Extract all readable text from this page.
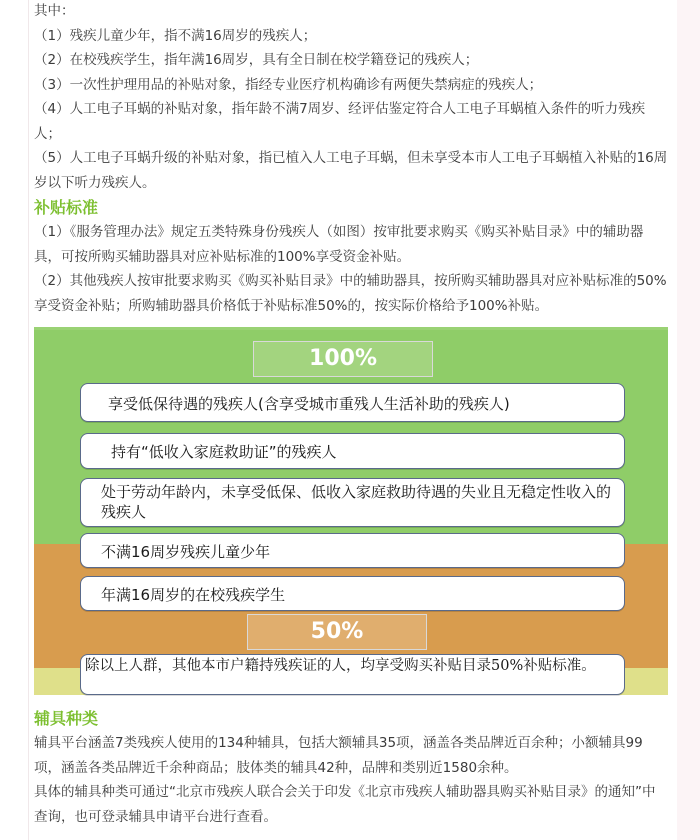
其中：

（1）残疾儿童少年，指不满16周岁的残疾人；

（2）在校残疾学生，指年满16周岁，具有全日制在校学籍登记的残疾人；

（3）一次性护理用品的补贴对象，指经专业医疗机构确诊有两便失禁病症的残疾人；

（4）人工电子耳蜗的补贴对象，指年龄不满7周岁、经评估鉴定符合人工电子耳蜗植入条件的听力残疾人；

（5）人工电子耳蜗升级的补贴对象，指已植入人工电子耳蜗，但未享受本市人工电子耳蜗植入补贴的16周岁以下听力残疾人。

补贴标准

（1）《服务管理办法》规定五类特殊身份残疾人（如图）按审批要求购买《购买补贴目录》中的辅助器具，可按所购买辅助器具对应补贴标准的100%享受资金补贴。

（2）其他残疾人按审批要求购买《购买补贴目录》中的辅助器具，按所购买辅助器具对应补贴标准的50%享受资金补贴；所购辅助器具价格低于补贴标准50%的，按实际价格给予100%补贴。

100%
享受低保待遇的残疾人(含享受城市重残人生活补助的残疾人)
持有“低收入家庭救助证”的残疾人
处于劳动年龄内，未享受低保、低收入家庭救助待遇的失业且无稳定性收入的残疾人
不满16周岁残疾儿童少年
年满16周岁的在校残疾学生
50%
除以上人群，其他本市户籍持残疾证的人，均享受购买补贴目录50%补贴标准。
辅具种类

辅具平台涵盖7类残疾人使用的134种辅具，包括大额辅具35项，涵盖各类品牌近百余种；小额辅具99项，涵盖各类品牌近千余种商品；肢体类的辅具42种，品牌和类别近1580余种。

具体的辅具种类可通过“北京市残疾人联合会关于印发《北京市残疾人辅助器具购买补贴目录》的通知”中查询，也可登录辅具申请平台进行查看。
